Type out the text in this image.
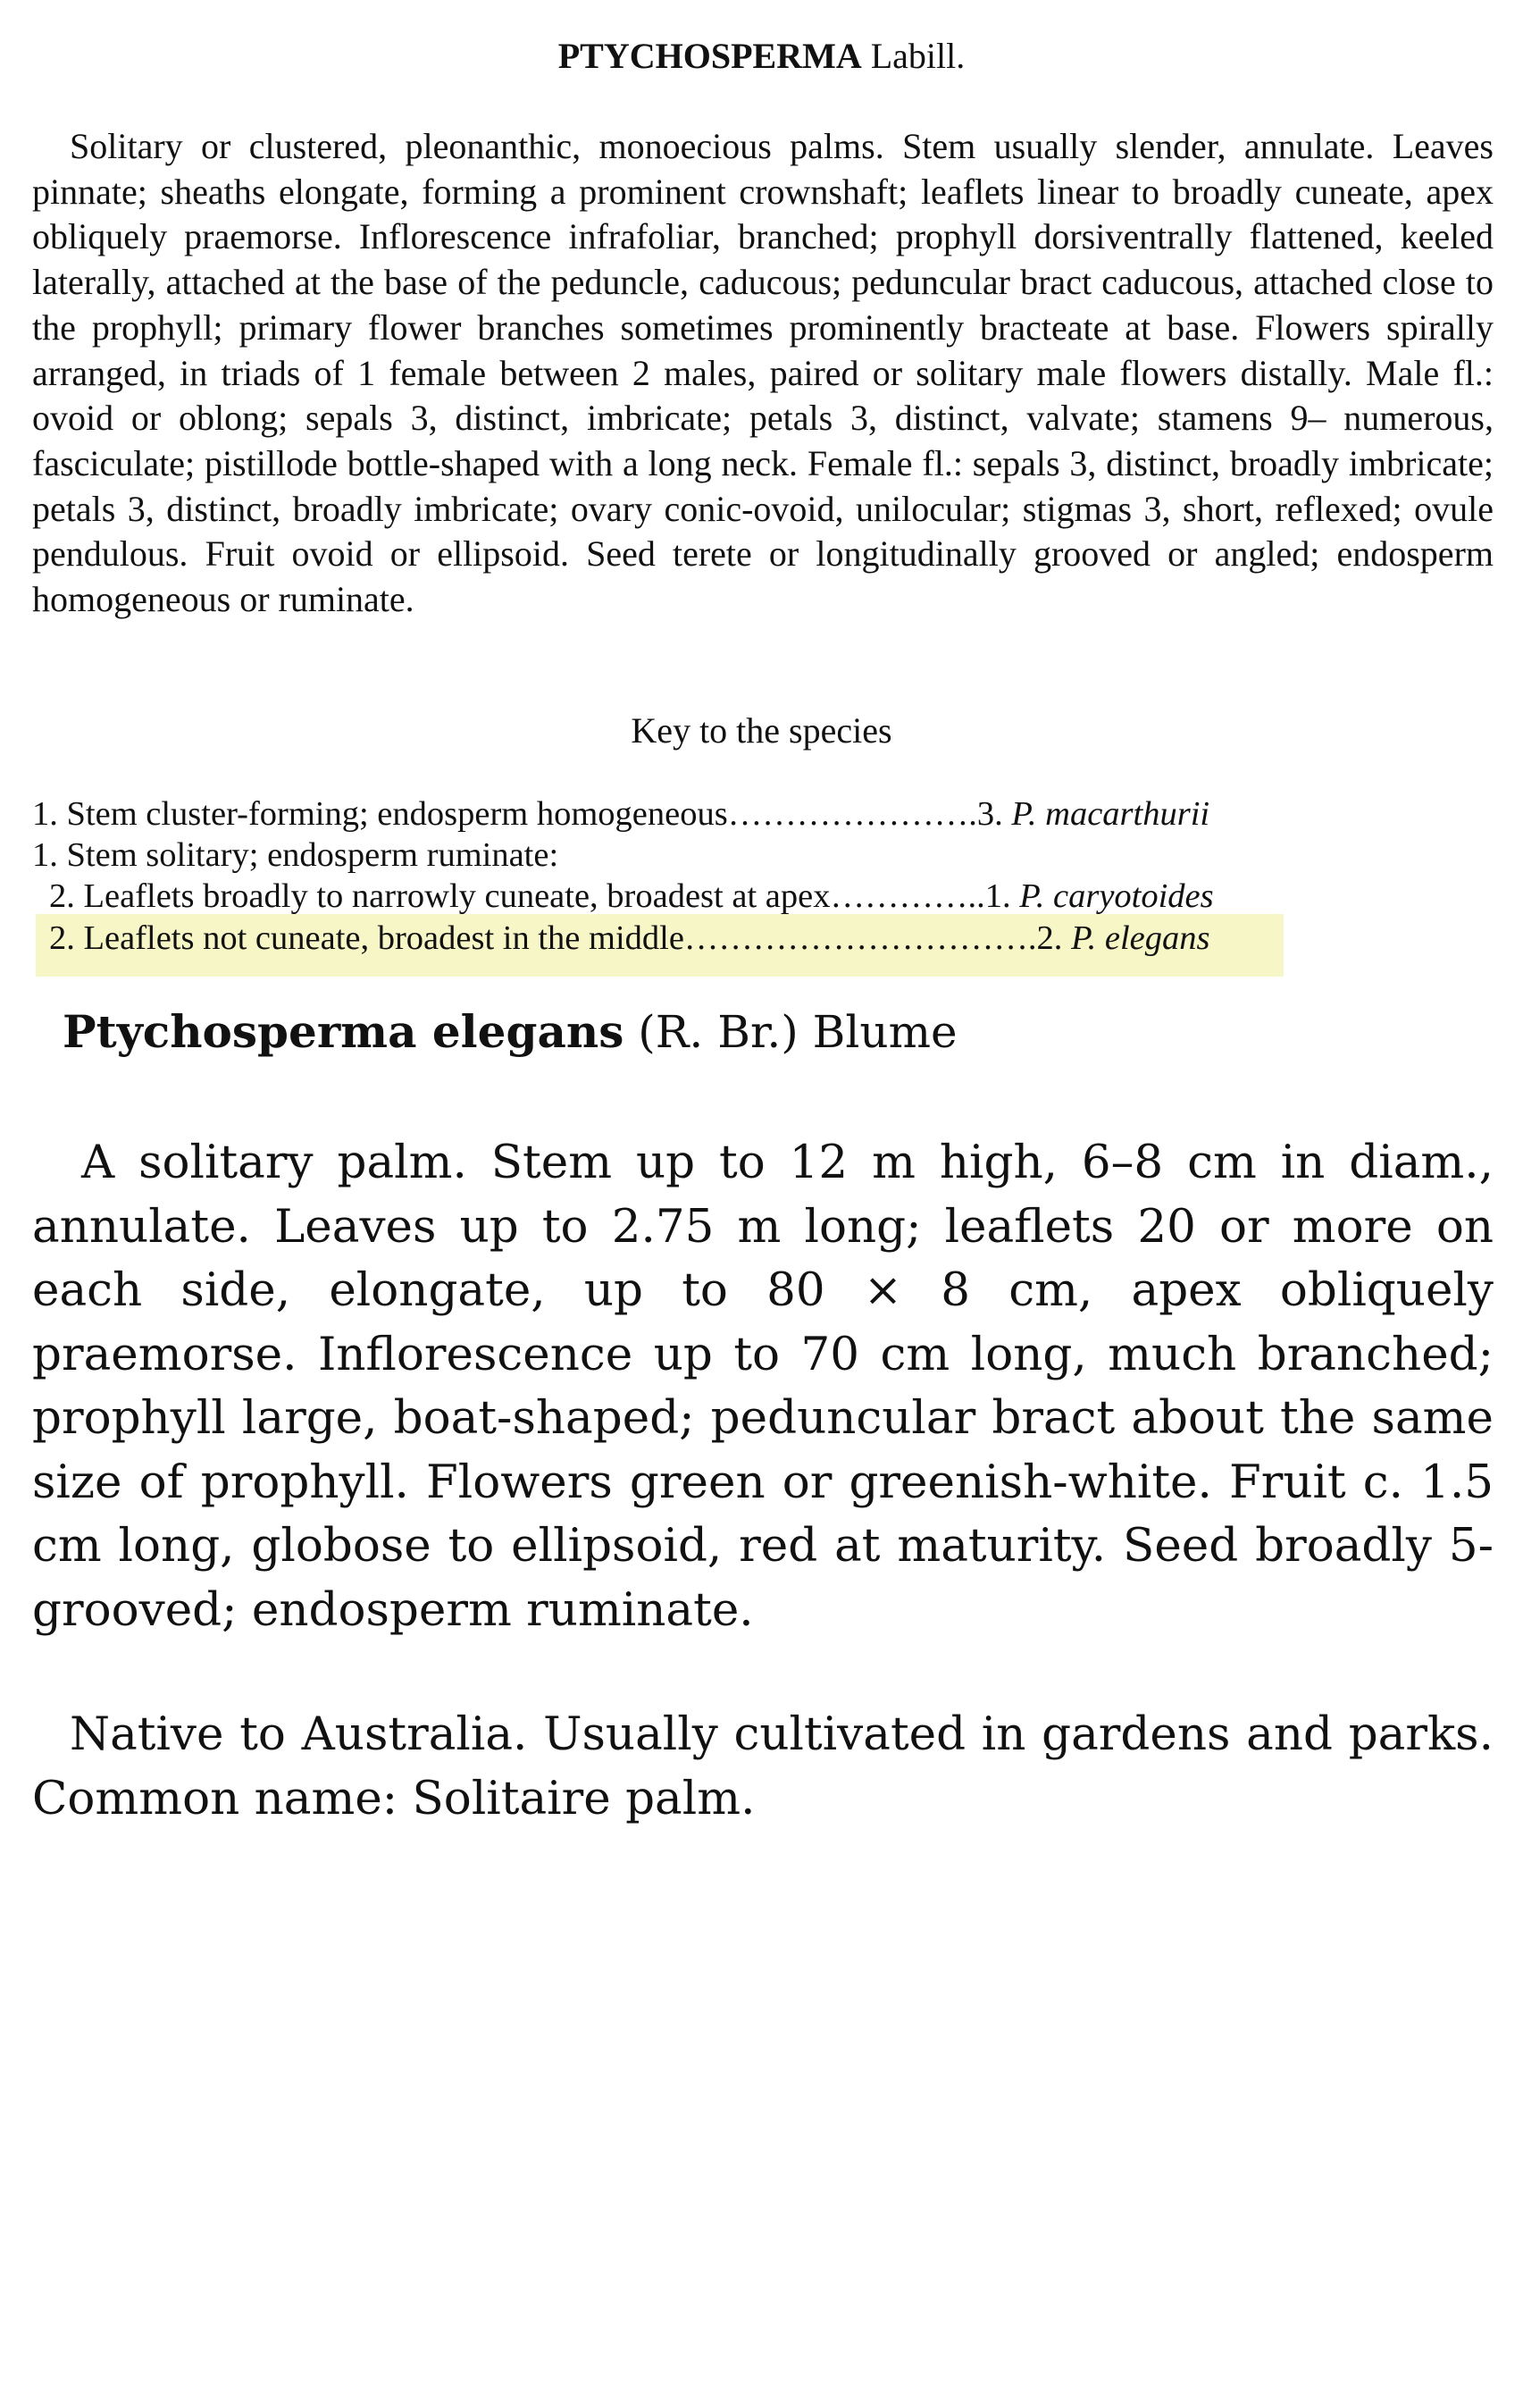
PTYCHOSPERMA Labill.

Solitary or clustered, pleonanthic, monoecious palms. Stem usually slender, annulate. Leaves pinnate; sheaths elongate, forming a prominent crownshaft; leaflets linear to broadly cuneate, apex obliquely praemorse. Inflorescence infrafoliar, branched; prophyll dorsiventrally flattened, keeled laterally, attached at the base of the peduncle, caducous; peduncular bract caducous, attached close to the prophyll; primary flower branches sometimes prominently bracteate at base. Flowers spirally arranged, in triads of 1 female between 2 males, paired or solitary male flowers distally. Male fl.: ovoid or oblong; sepals 3, distinct, imbricate; petals 3, distinct, valvate; stamens 9– numerous, fasciculate; pistillode bottle-shaped with a long neck. Female fl.: sepals 3, distinct, broadly imbricate; petals 3, distinct, broadly imbricate; ovary conic-ovoid, unilocular; stigmas 3, short, reflexed; ovule pendulous. Fruit ovoid or ellipsoid. Seed terete or longitudinally grooved or angled; endosperm homogeneous or ruminate.

Key to the species
1. Stem cluster-forming; endosperm homogeneous………………….3. P. macarthurii
1. Stem solitary; endosperm ruminate:
2. Leaflets broadly to narrowly cuneate, broadest at apex…………..1. P. caryotoides
2. Leaflets not cuneate, broadest in the middle………………………….2. P. elegans
Ptychosperma elegans (R. Br.) Blume

A solitary palm. Stem up to 12 m high, 6–8 cm in diam., annulate. Leaves up to 2.75 m long; leaflets 20 or more on each side, elongate, up to 80 × 8 cm, apex obliquely praemorse. Inflorescence up to 70 cm long, much branched; prophyll large, boat-shaped; peduncular bract about the same size of prophyll. Flowers green or greenish-white. Fruit c. 1.5 cm long, globose to ellipsoid, red at maturity. Seed broadly 5-grooved; endosperm ruminate.

Native to Australia. Usually cultivated in gardens and parks. Common name: Solitaire palm.
